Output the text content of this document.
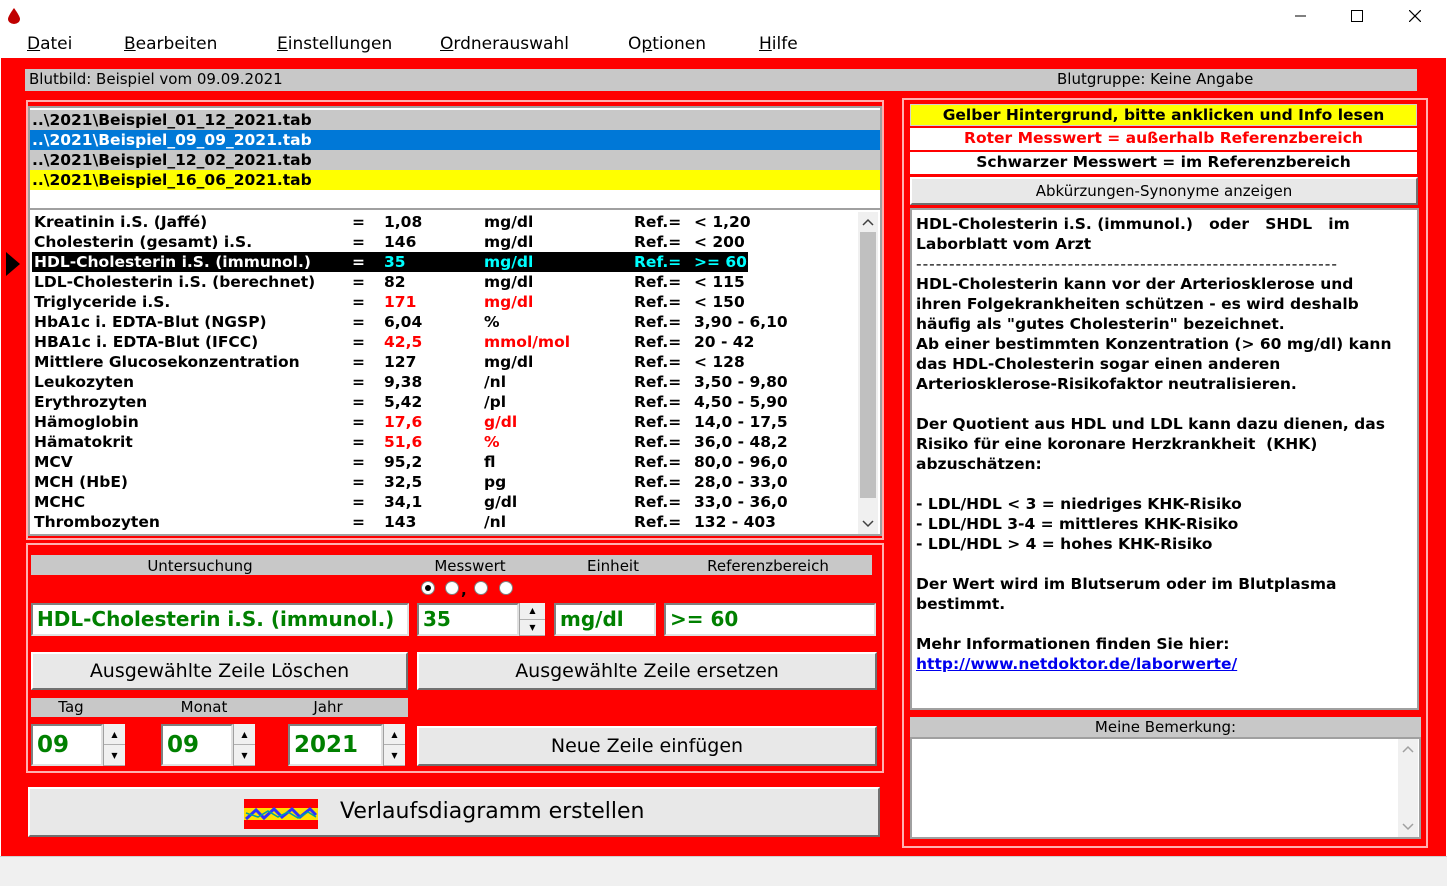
Datei	Bearbeiten	Einstellungen	Ordnerauswahl	Optionen	Hilfe
Blutbild: Beispiel vom 09.09.2021	Blutgruppe: Keine Angabe
..\2021\Beispiel_01_12_2021.tab
..\2021\Beispiel_09_09_2021.tab
..\2021\Beispiel_12_02_2021.tab
..\2021\Beispiel_16_06_2021.tab
Kreatinin i.S. (Jaffé)	= 1,08	mg/dl	Ref.= < 1,20
Cholesterin (gesamt) i.S.	= 146	mg/dl	Ref.= < 200
HDL-Cholesterin i.S. (immunol.)	= 35	mg/dl	Ref.= >= 60
LDL-Cholesterin i.S. (berechnet) = 82	mg/dl	Ref.= < 115
Triglyceride i.S.	= 171	mg/dl	Ref.= < 150
HbA1c i. EDTA-Blut (NGSP)	= 6,04	%	Ref.= 3,90 - 6,10
HBA1c i. EDTA-Blut (IFCC)	= 42,5	mmol/mol	Ref.= 20 - 42
Mittlere Glucosekonzentration	= 127	mg/dl	Ref.= < 128
Leukozyten	= 9,38	/nl	Ref.= 3,50 - 9,80
Erythrozyten	= 5,42	/pl	Ref.= 4,50 - 5,90
Hämoglobin	= 17,6	g/dl	Ref.= 14,0 - 17,5
Hämatokrit	= 51,6	%	Ref.= 36,0 - 48,2
MCV	= 95,2	fl	Ref.= 80,0 - 96,0
MCH (HbE)	= 32,5	pg	Ref.= 28,0 - 33,0
MCHC	= 34,1	g/dl	Ref.= 33,0 - 36,0
Thrombozyten	= 143	/nl	Ref.= 132 - 403
Untersuchung	Messwert	Einheit	Referenzbereich
,
HDL-Cholesterin i.S. (immunol.)	35	▲
▼	mg/dl	>= 60
Ausgewählte Zeile Löschen	Ausgewählte Zeile ersetzen
Tag	Monat	Jahr
09	▲
▼	09	▲
▼	2021	▲
▼	Neue Zeile einfügen
Verlaufsdiagramm erstellen
Gelber Hintergrund, bitte anklicken und Info lesen
Roter Messwert = außerhalb Referenzbereich
Schwarzer Messwert = im Referenzbereich
Abkürzungen-Synonyme anzeigen

HDL-Cholesterin i.S. (immunol.)   oder   SHDL   im
Laborblatt vom Arzt

----------------------------------------------------------------

HDL-Cholesterin kann vor der Arteriosklerose und
ihren Folgekrankheiten schützen - es wird deshalb
häufig als "gutes Cholesterin" bezeichnet.
Ab einer bestimmten Konzentration (> 60 mg/dl) kann
das HDL-Cholesterin sogar einen anderen
Arteriosklerose-Risikofaktor neutralisieren.

Der Quotient aus HDL und LDL kann dazu dienen, das
Risiko für eine koronare Herzkrankheit  (KHK)
abzuschätzen:

- LDL/HDL < 3 = niedriges KHK-Risiko
- LDL/HDL 3-4 = mittleres KHK-Risiko
- LDL/HDL > 4 = hohes KHK-Risiko

Der Wert wird im Blutserum oder im Blutplasma
bestimmt.

Mehr Informationen finden Sie hier:

http://www.netdoktor.de/laborwerte/

Meine Bemerkung:
